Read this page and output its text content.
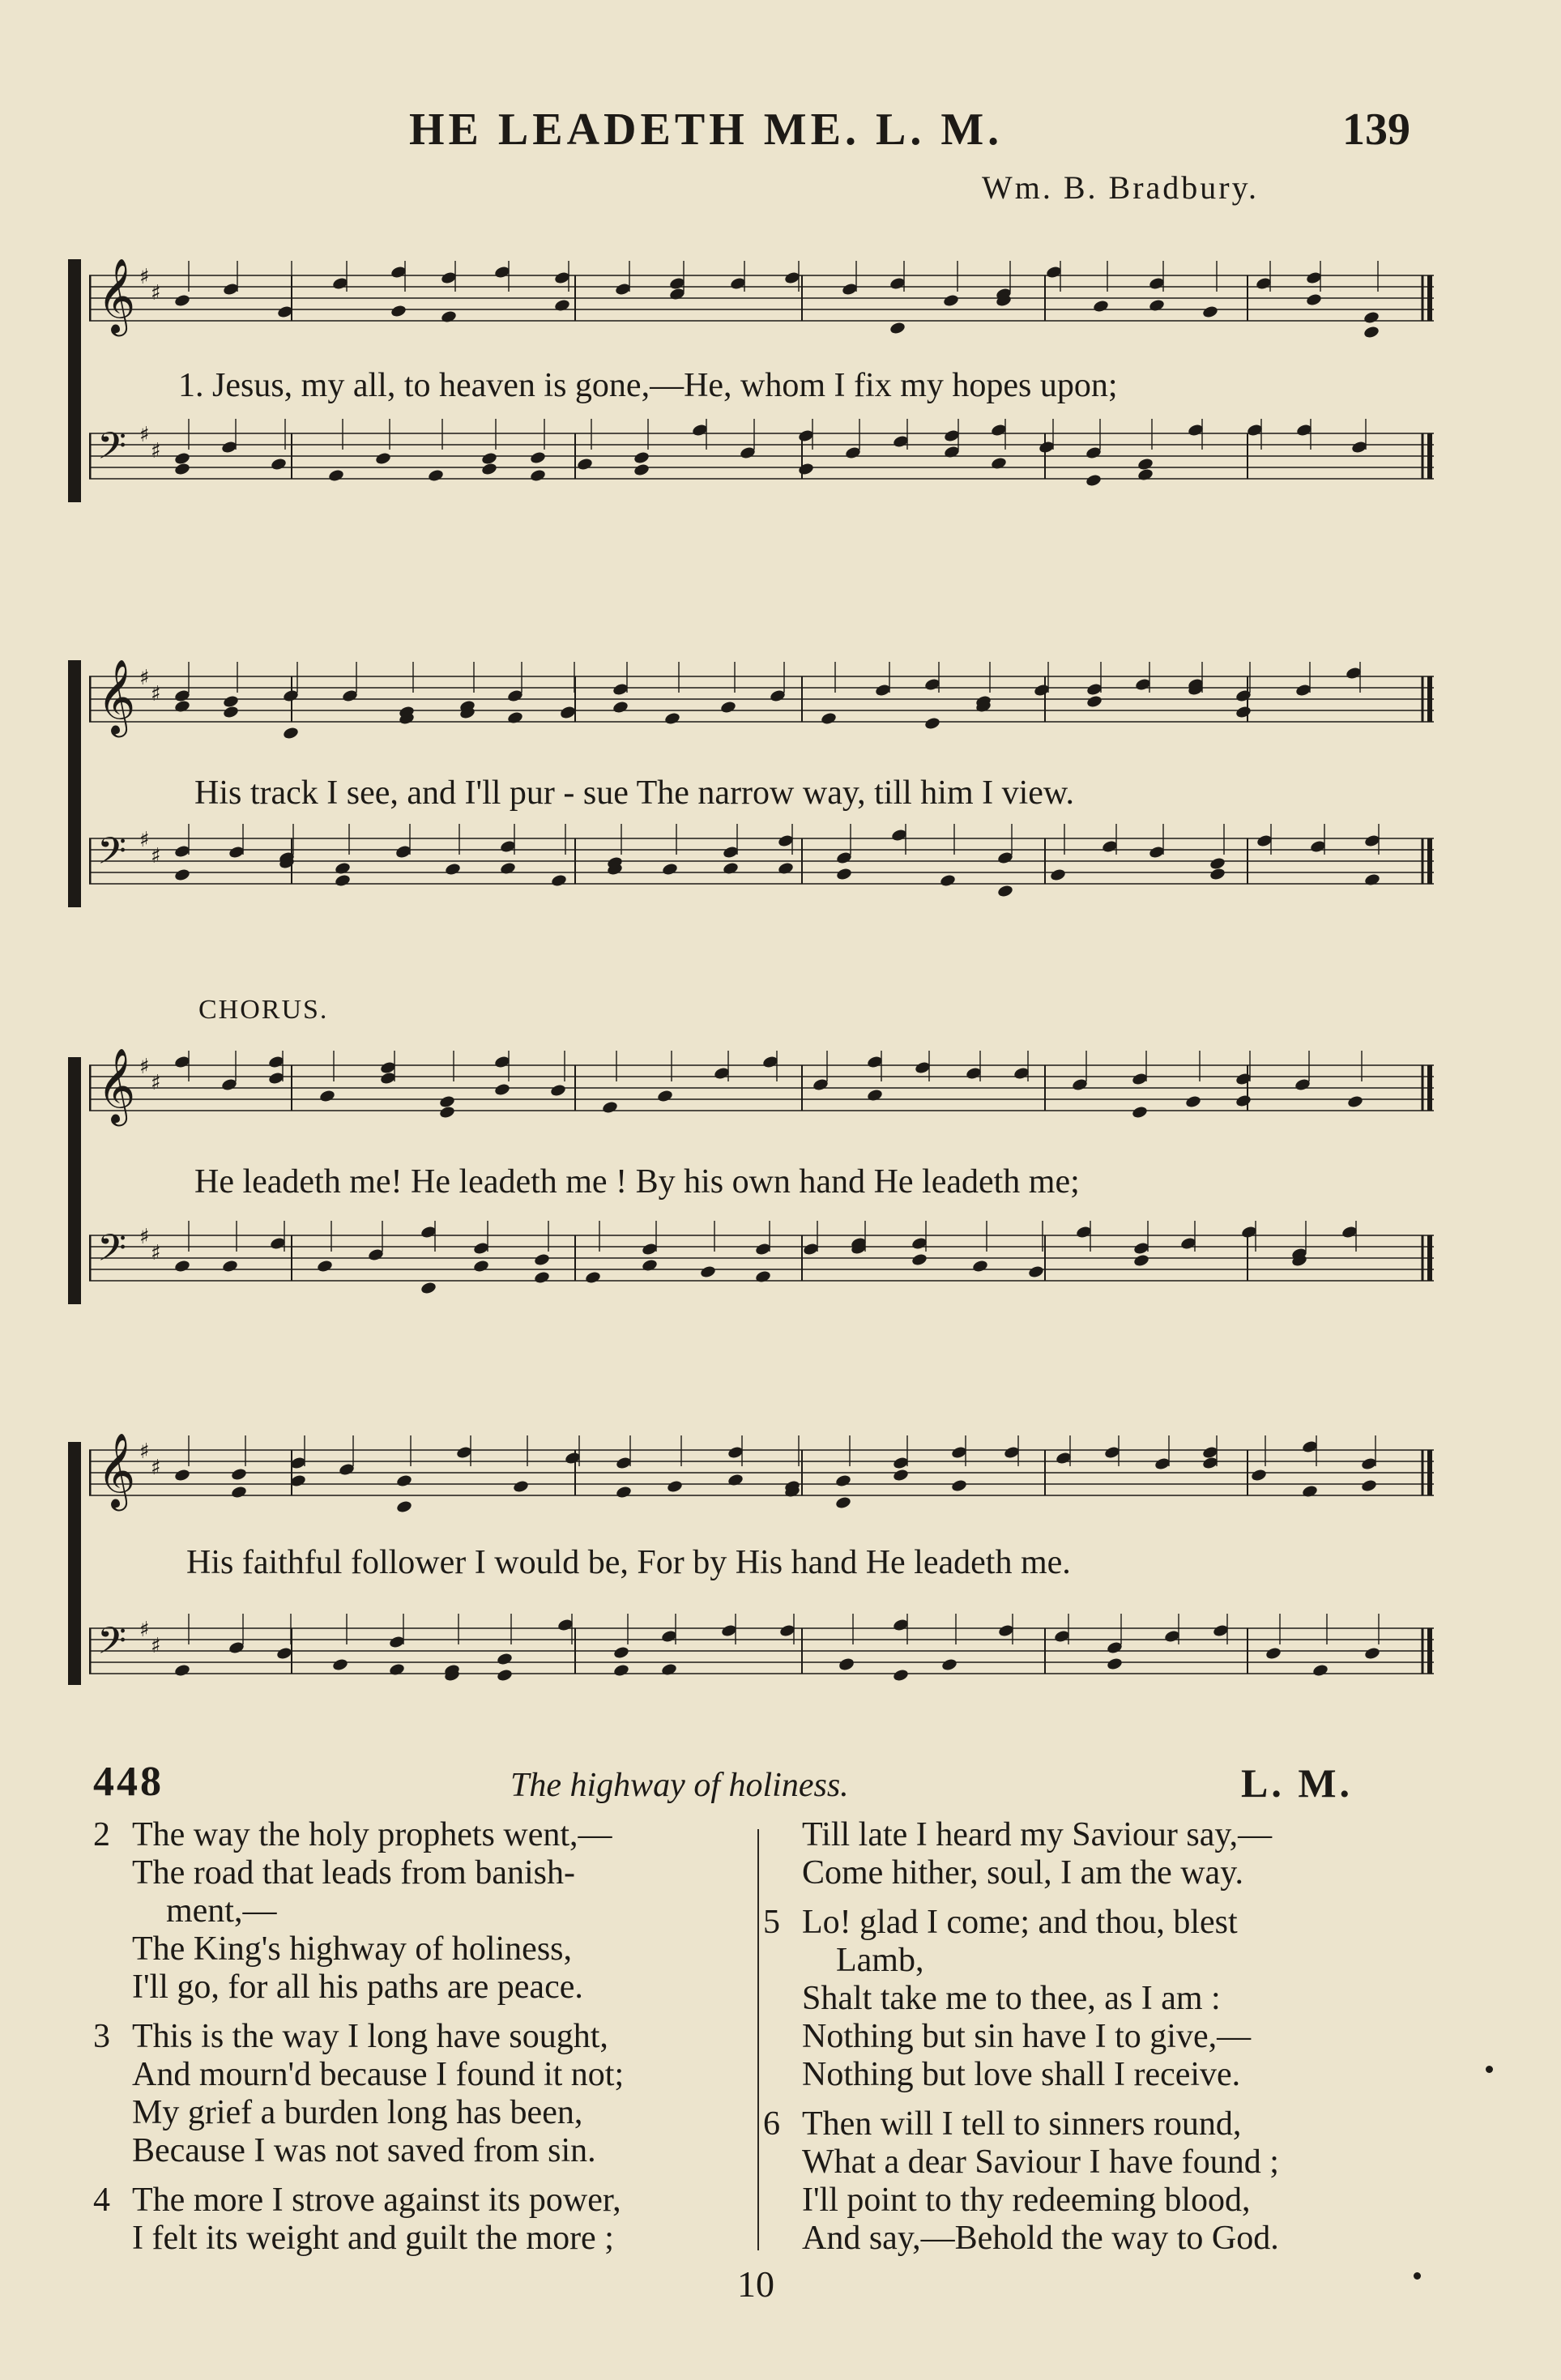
HE LEADETH ME. L. M.	139
Wm. B. Bradbury.
𝄞 ♯
♯
𝄢 ♯
♯
1. Jesus, my all, to heaven is gone,—He, whom I fix my hopes upon;
𝄞 ♯
♯
𝄢 ♯
♯
His track I see, and I'll pur - sue The narrow way, till him I view.
CHORUS.
𝄞 ♯
♯
𝄢 ♯
♯
He leadeth me! He leadeth me ! By his own hand He leadeth me;
𝄞 ♯
♯
𝄢 ♯
♯
His faithful follower I would be, For by His hand He leadeth me.
448	The highway of holiness.	L. M.
2 The way the holy prophets went,—
The road that leads from banish-
ment,—
The King's highway of holiness,
I'll go, for all his paths are peace.
3 This is the way I long have sought,
And mourn'd because I found it not;
My grief a burden long has been,
Because I was not saved from sin.
4 The more I strove against its power,
I felt its weight and guilt the more ;
Till late I heard my Saviour say,—
Come hither, soul, I am the way.
5 Lo! glad I come; and thou, blest
Lamb,
Shalt take me to thee, as I am :
Nothing but sin have I to give,—
Nothing but love shall I receive.
6 Then will I tell to sinners round,
What a dear Saviour I have found ;
I'll point to thy redeeming blood,
And say,—Behold the way to God.
10
